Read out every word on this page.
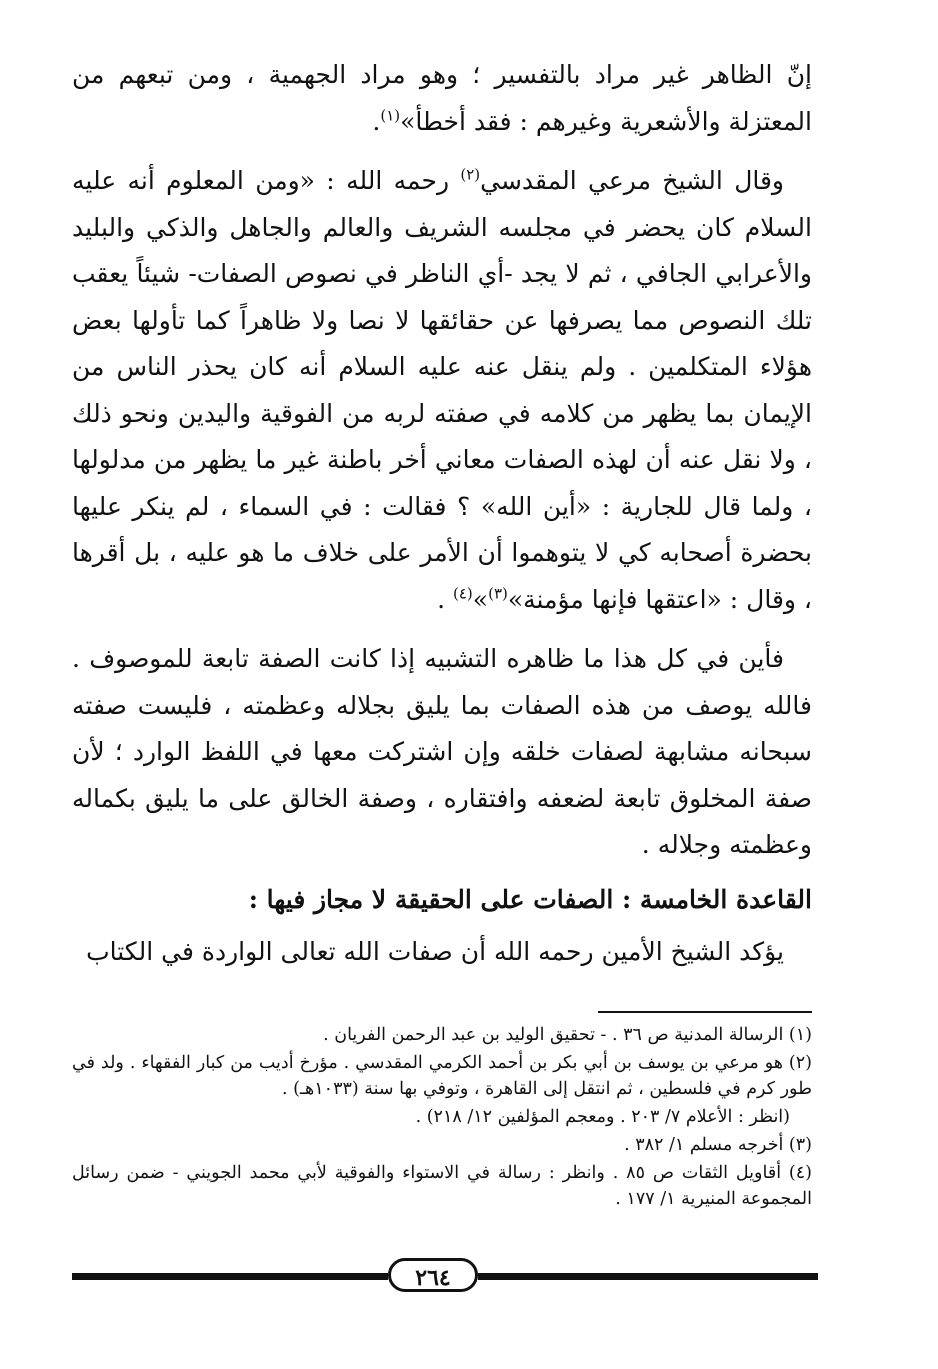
إنّ الظاهر غير مراد بالتفسير ؛ وهو مراد الجهمية ، ومن تبعهم من المعتزلة والأشعرية وغيرهم : فقد أخطأ»$^{(١)}$.

وقال الشيخ مرعي المقدسي$^{(٢)}$ رحمه الله : «ومن المعلوم أنه عليه السلام كان يحضر في مجلسه الشريف والعالم والجاهل والذكي والبليد والأعرابي الجافي ، ثم لا يجد -أي الناظر في نصوص الصفات- شيئاً يعقب تلك النصوص مما يصرفها عن حقائقها لا نصا ولا ظاهراً كما تأولها بعض هؤلاء المتكلمين . ولم ينقل عنه عليه السلام أنه كان يحذر الناس من الإيمان بما يظهر من كلامه في صفته لربه من الفوقية واليدين ونحو ذلك ، ولا نقل عنه أن لهذه الصفات معاني أخر باطنة غير ما يظهر من مدلولها ، ولما قال للجارية : «أين الله» ؟ فقالت : في السماء ، لم ينكر عليها بحضرة أصحابه كي لا يتوهموا أن الأمر على خلاف ما هو عليه ، بل أقرها ، وقال : «اعتقها فإنها مؤمنة»$^{(٣)}$»$^{(٤)}$ .

فأين في كل هذا ما ظاهره التشبيه إذا كانت الصفة تابعة للموصوف . فالله يوصف من هذه الصفات بما يليق بجلاله وعظمته ، فليست صفته سبحانه مشابهة لصفات خلقه وإن اشتركت معها في اللفظ الوارد ؛ لأن صفة المخلوق تابعة لضعفه وافتقاره ، وصفة الخالق على ما يليق بكماله وعظمته وجلاله .

القاعدة الخامسة : الصفات على الحقيقة لا مجاز فيها :

يؤكد الشيخ الأمين رحمه الله أن صفات الله تعالى الواردة في الكتاب

(١) الرسالة المدنية ص ٣٦ . - تحقيق الوليد بن عبد الرحمن الفريان .

(٢) هو مرعي بن يوسف بن أبي بكر بن أحمد الكرمي المقدسي . مؤرخ أديب من كبار الفقهاء . ولد في طور كرم في فلسطين ، ثم انتقل إلى القاهرة ، وتوفي بها سنة (١٠٣٣هـ) .

(انظر : الأعلام ٧/ ٢٠٣ . ومعجم المؤلفين ١٢/ ٢١٨) .

(٣) أخرجه مسلم ١/ ٣٨٢ .

(٤) أقاويل الثقات ص ٨٥ . وانظر : رسالة في الاستواء والفوقية لأبي محمد الجويني - ضمن رسائل المجموعة المنيرية ١/ ١٧٧ .

٢٦٤
